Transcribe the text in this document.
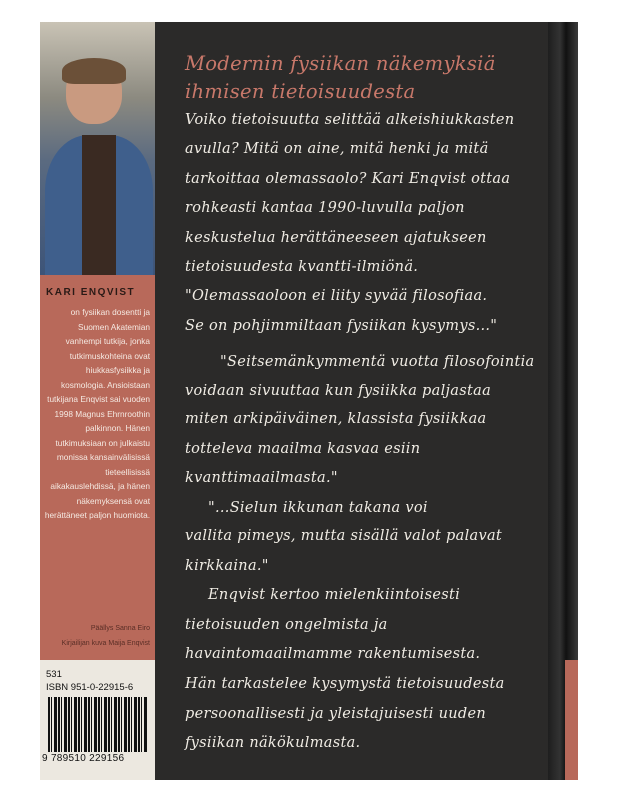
KARI ENQVIST
on fysiikan dosentti ja Suomen Akatemian vanhempi tutkija, jonka tutkimuskohteina ovat hiukkasfysiikka ja kosmologia. Ansioistaan tutkijana Enqvist sai vuoden 1998 Magnus Ehrnroothin palkinnon. Hänen tutkimuksiaan on julkaistu monissa kansainvälisissä tieteellisissä aikakauslehdissä, ja hänen näkemyksensä ovat herättäneet paljon huomiota.
Päällys Sanna Eiro
Kirjailijan kuva Maija Enqvist
531
ISBN 951-0-22915-6
9 789510 229156
Modernin fysiikan näkemyksiä
ihmisen tietoisuudesta
Voiko tietoisuutta selittää alkeishiukkasten
avulla? Mitä on aine, mitä henki ja mitä
tarkoittaa olemassaolo? Kari Enqvist ottaa
rohkeasti kantaa 1990-luvulla paljon
keskustelua herättäneeseen ajatukseen
tietoisuudesta kvantti-ilmiönä.
"Olemassaoloon ei liity syvää filosofiaa.
Se on pohjimmiltaan fysiikan kysymys..."
"Seitsemänkymmentä vuotta filosofointia
voidaan sivuuttaa kun fysiikka paljastaa
miten arkipäiväinen, klassista fysiikkaa
totteleva maailma kasvaa esiin
kvanttimaailmasta."
"...Sielun ikkunan takana voi
vallita pimeys, mutta sisällä valot palavat
kirkkaina."
Enqvist kertoo mielenkiintoisesti
tietoisuuden ongelmista ja
havaintomaailmamme rakentumisesta.
Hän tarkastelee kysymystä tietoisuudesta
persoonallisesti ja yleistajuisesti uuden
fysiikan näkökulmasta.
